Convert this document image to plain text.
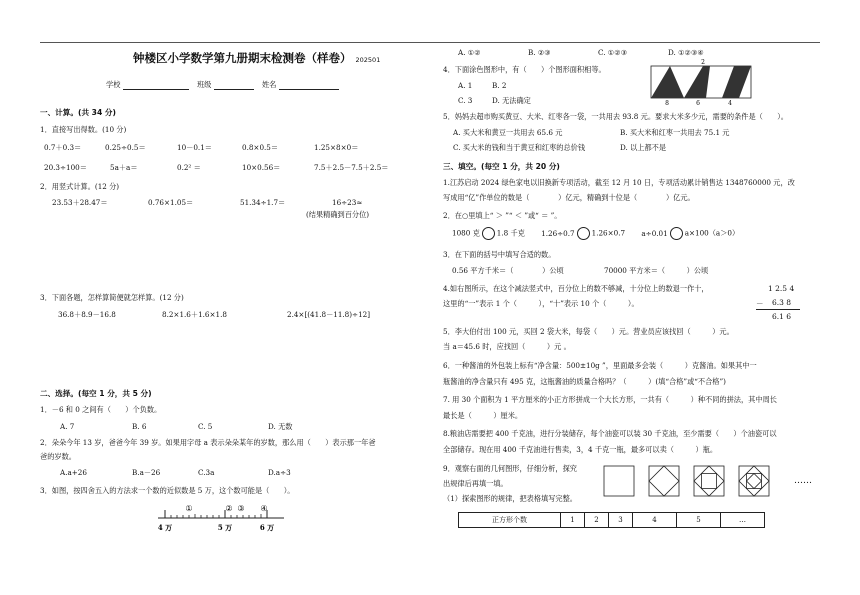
钟楼区小学数学第九册期末检测卷（样卷） 202501
学校	班级	姓名
一、计算。(共 34 分)
1．直接写出得数。(10 分)
0.7＋0.3＝	0.25÷0.5＝	10－0.1＝	0.8×0.5＝	1.25×8×0＝
20.3÷100＝	5a＋a＝	0.2² ＝	10×0.56＝	7.5＋2.5－7.5＋2.5＝
2．用竖式计算。(12 分)
23.53＋28.47＝	0.76×1.05＝	51.34÷1.7＝	16÷23≈
(结果精确到百分位)
3．下面各题，怎样算简便就怎样算。(12 分)
36.8＋8.9－16.8	8.2×1.6＋1.6×1.8	2.4×[(41.8－11.8)÷12]
二、选择。(每空 1 分，共 5 分)
1．－6 和 0 之间有（　　）个负数。
A. 7	B. 6	C. 5	D. 无数
2．朵朵今年 13 岁，爸爸今年 39 岁。如果用字母 a 表示朵朵某年的岁数，那么用（　　）表示那一年爸
爸的岁数。
A.a+26	B.a－26	C.3a	D.a÷3
3．如图，按四舍五入的方法求一个数的近似数是 5 万，这个数可能是（　　）。
①	② ③ ④
4 万	5 万	6 万
A. ①②	B. ②③	C. ①②③	D. ①②③④
4．下面涂色图形中，有（　　）个图形面积相等。
A. 1	B. 2
C. 3	D. 无法确定
2
8	6	4
5．妈妈去超市购买黄豆、大米、红枣各一袋，一共用去 93.8 元。要求大米多少元，需要的条件是（　　）。
A. 买大米和黄豆一共用去 65.6 元	B. 买大米和红枣一共用去 75.1 元
C. 买大米的钱和当于黄豆和红枣的总价钱	D. 以上都不是
三、填空。(每空 1 分，共 20 分)
1.江苏启动 2024 绿色家电以旧换新专项活动，截至 12 月 10 日，专项活动累计销售达 1348760000 元，改
写成用“亿”作单位的数是（　　　　）亿元，精确到十位是（　　　　）亿元。
2．在○里填上“ ＞ ”“ ＜ ”或“ ＝ ”。
1080 克 1.8 千克 1.26÷0.7 1.26×0.7 a÷0.01 a×100（a＞0）
3．在下面的括号中填写合适的数。
0.56 平方千米＝（　　　　）公顷	70000 平方米＝（　　　）公顷
4.如右图所示，在这个减法竖式中，百分位上的数不够减，十分位上的数退一作十，
这里的“一”表示 1 个（　　　），“十”表示 10 个（　　　）。
1 2.5 4
－ 6.3 8
6.1 6
5．李大伯付出 100 元，买回 2 袋大米，每袋（　　）元。营业员应该找回（　　　）元。
当 a＝45.6 时，应找回（　　　）元 。
6．一种酱油的外包装上标有“净含量：500±10g ”，里面最多会装（　　　）克酱油。如果其中一
瓶酱油的净含量只有 495 克，这瓶酱油的质量合格吗？（　　　）(填“合格”或“不合格”)
7. 用 30 个面积为 1 平方厘米的小正方形拼成一个大长方形，一共有（　　　）种不同的拼法，其中周长
最长是（　　　）厘米。
8.粮油店需要把 400 千克油，进行分装储存，每个油瓷可以装 30 千克油，至少需要（　　）个油瓷可以
全部储存。现在用 400 千克油进行售卖，3，4 千克一瓶，最多可以卖（　　　）瓶。
9．观察右面的几何图形，仔细分析，探究
出规律后再填一填。
（1）探索图形的规律，把表格填写完整。
……
正方形个数	1	2	3	4	5	…
